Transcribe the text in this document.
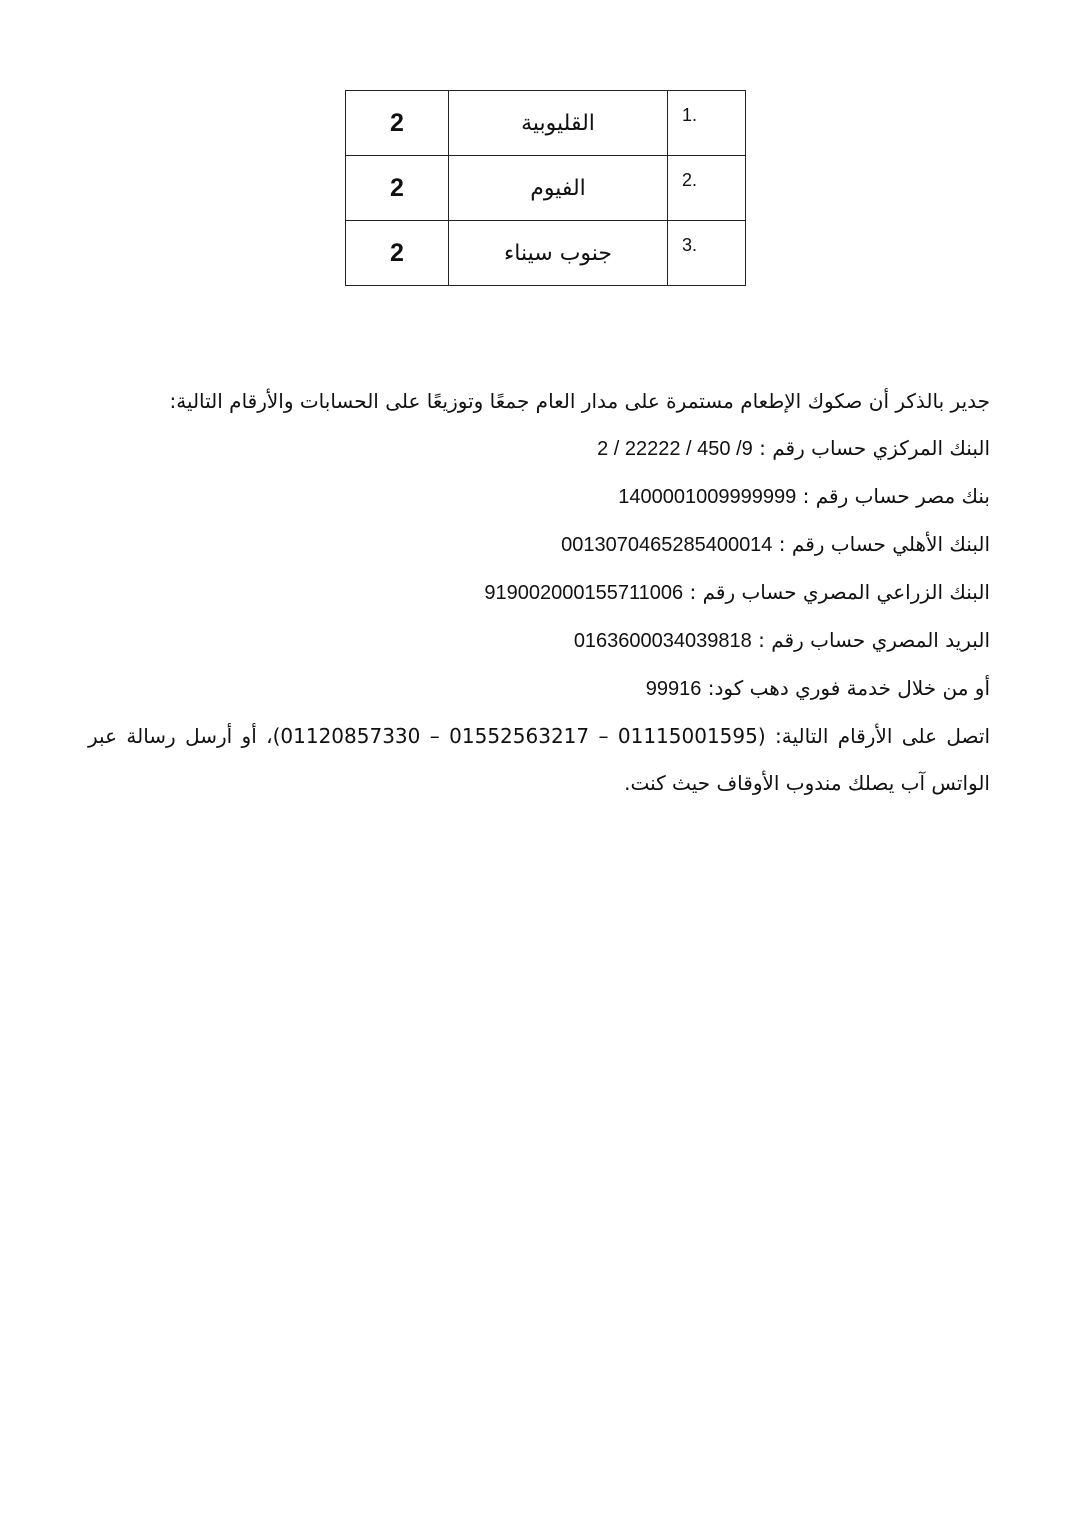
2	القليوبية	1.
2	الفيوم	2.
2	جنوب سيناء	3.

جدير بالذكر أن صكوك الإطعام مستمرة على مدار العام جمعًا وتوزيعًا على الحسابات والأرقام التالية:

البنك المركزي حساب رقم : 2 / 22222 / 450 /9

بنك مصر حساب رقم : 1400001009999999

البنك الأهلي حساب رقم : 0013070465285400014

البنك الزراعي المصري حساب رقم : 919002000155711006

البريد المصري حساب رقم : 0163600034039818

أو من خلال خدمة فوري دهب كود: 99916

اتصل على الأرقام التالية: (01115001595 – 01552563217 – 01120857330)، أو أرسل رسالة عبر الواتس آب يصلك مندوب الأوقاف حيث كنت.
